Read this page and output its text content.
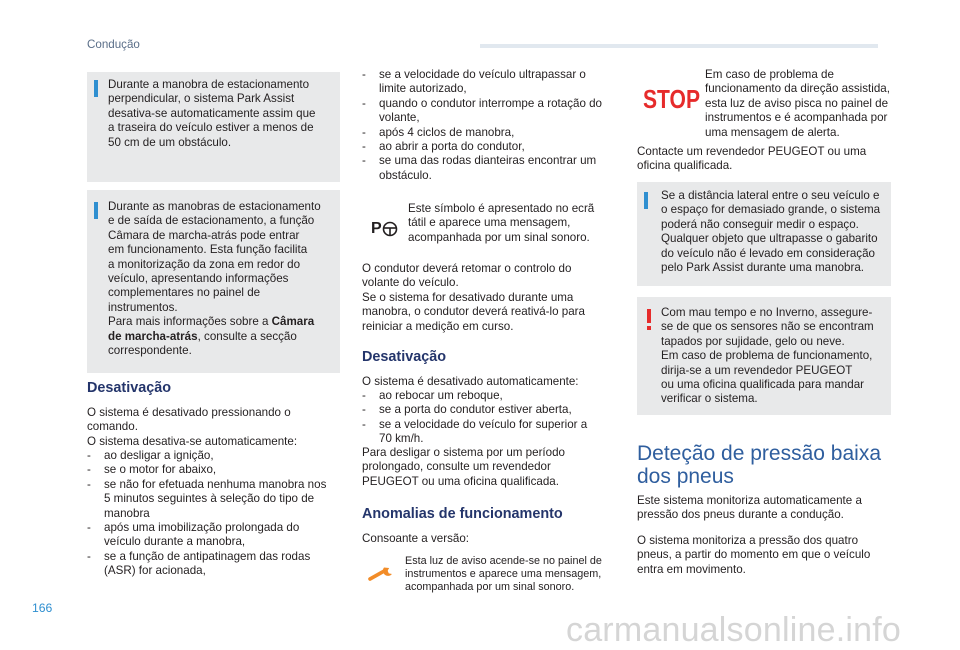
Condução
Durante a manobra de estacionamento
perpendicular, o sistema Park Assist
desativa-se automaticamente assim que
a traseira do veículo estiver a menos de
50 cm de um obstáculo.
Durante as manobras de estacionamento
e de saída de estacionamento, a função
Câmara de marcha-atrás pode entrar
em funcionamento. Esta função facilita
a monitorização da zona em redor do
veículo, apresentando informações
complementares no painel de
instrumentos.
Para mais informações sobre a Câmara
de marcha-atrás, consulte a secção
correspondente.
Desativação
O sistema é desativado pressionando o
comando.
O sistema desativa-se automaticamente:
- ao desligar a ignição,
- se o motor for abaixo,
- se não for efetuada nenhuma manobra nos
5 minutos seguintes à seleção do tipo de
manobra
- após uma imobilização prolongada do
veículo durante a manobra,
- se a função de antipatinagem das rodas
(ASR) for acionada,
- se a velocidade do veículo ultrapassar o
limite autorizado,
- quando o condutor interrompe a rotação do
volante,
- após 4 ciclos de manobra,
- ao abrir a porta do condutor,
- se uma das rodas dianteiras encontrar um
obstáculo.
P
Este símbolo é apresentado no ecrã
tátil e aparece uma mensagem,
acompanhada por um sinal sonoro.
O condutor deverá retomar o controlo do
volante do veículo.
Se o sistema for desativado durante uma
manobra, o condutor deverá reativá-lo para
reiniciar a medição em curso.
Desativação
O sistema é desativado automaticamente:
- ao rebocar um reboque,
- se a porta do condutor estiver aberta,
- se a velocidade do veículo for superior a
70 km/h.
Para desligar o sistema por um período
prolongado, consulte um revendedor
PEUGEOT ou uma oficina qualificada.
Anomalias de funcionamento
Consoante a versão:
Esta luz de aviso acende-se no painel de
instrumentos e aparece uma mensagem,
acompanhada por um sinal sonoro.
STOP
Em caso de problema de
funcionamento da direção assistida,
esta luz de aviso pisca no painel de
instrumentos e é acompanhada por
uma mensagem de alerta.
Contacte um revendedor PEUGEOT ou uma
oficina qualificada.
Se a distância lateral entre o seu veículo e
o espaço for demasiado grande, o sistema
poderá não conseguir medir o espaço.
Qualquer objeto que ultrapasse o gabarito
do veículo não é levado em consideração
pelo Park Assist durante uma manobra.
Com mau tempo e no Inverno, assegure-
se de que os sensores não se encontram
tapados por sujidade, gelo ou neve.
Em caso de problema de funcionamento,
dirija-se a um revendedor PEUGEOT
ou uma oficina qualificada para mandar
verificar o sistema.
Deteção de pressão baixa
dos pneus
Este sistema monitoriza automaticamente a
pressão dos pneus durante a condução.
O sistema monitoriza a pressão dos quatro
pneus, a partir do momento em que o veículo
entra em movimento.
166
carmanualsonline.info
